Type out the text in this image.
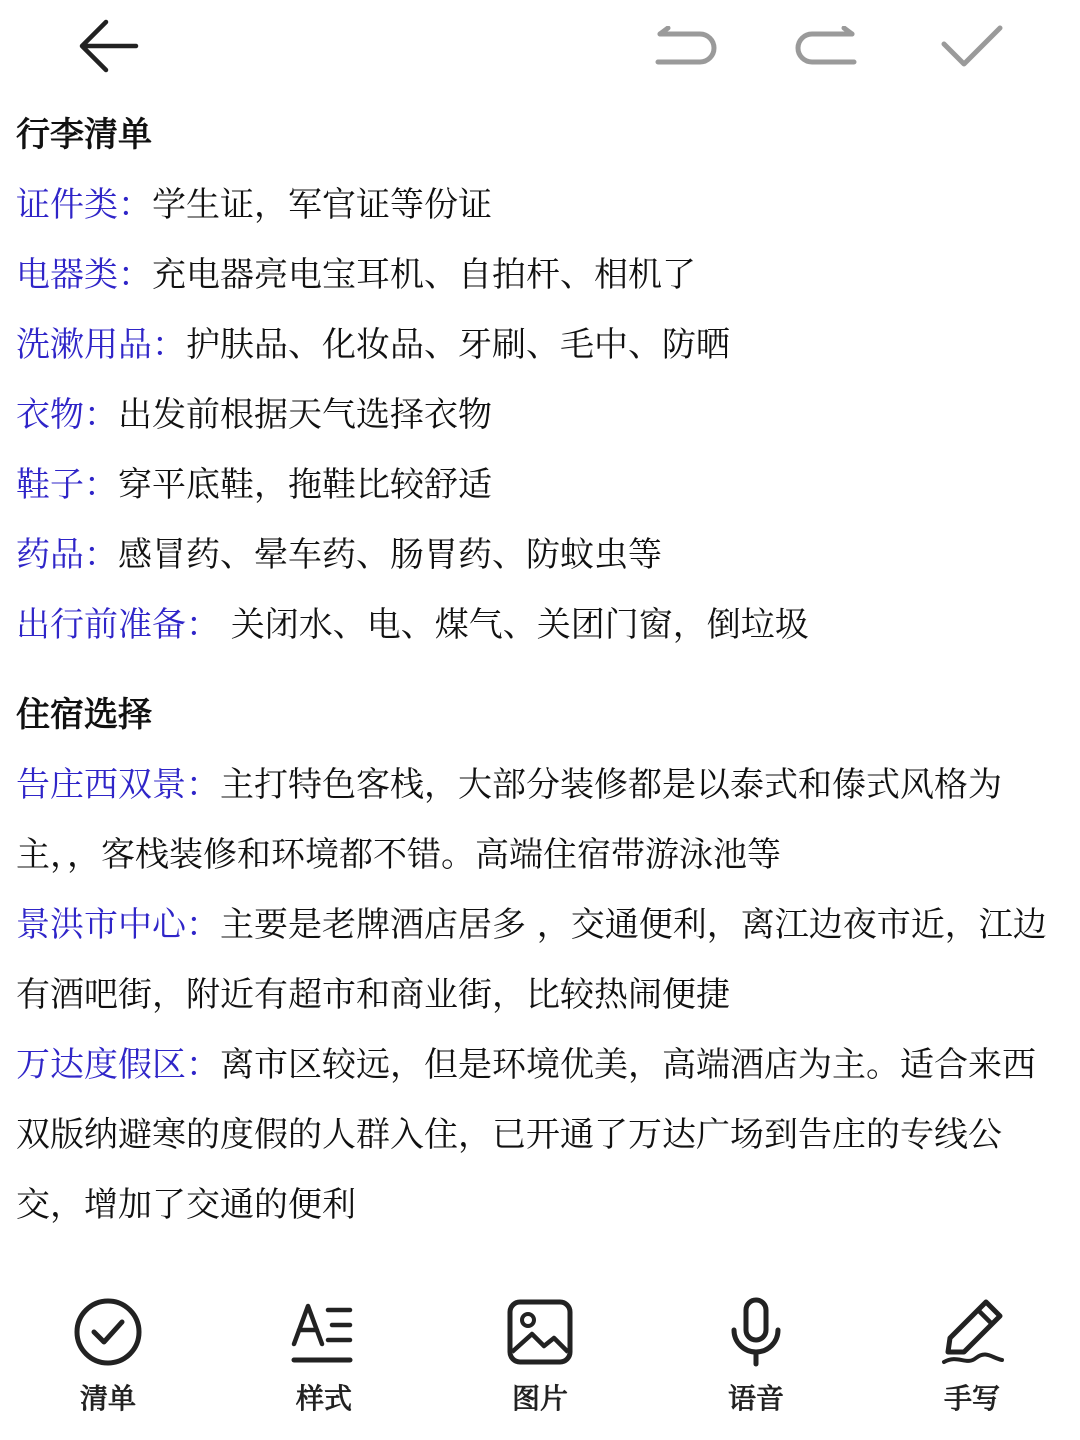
行李清单

证件类：学生证，军官证等份证

电器类：充电器亮电宝耳机、自拍杆、相机了

洗漱用品：护肤品、化妆品、牙刷、毛中、防晒

衣物：出发前根据天气选择衣物

鞋子：穿平底鞋，拖鞋比较舒适

药品：感冒药、晕车药、肠胃药、防蚊虫等

出行前准备： 关闭水、电、煤气、关团门窗，倒垃圾

住宿选择

告庄西双景：主打特色客栈，大部分装修都是以泰式和傣式风格为主，，客栈装修和环境都不错。高端住宿带游泳池等

景洪市中心：主要是老牌酒店居多 ，交通便利，离江边夜市近，江边有酒吧街，附近有超市和商业街，比较热闹便捷

万达度假区：离市区较远，但是环境优美，高端酒店为主。适合来西双版纳避寒的度假的人群入住，已开通了万达广场到告庄的专线公交，增加了交通的便利

清单	样式	图片	语音	手写
